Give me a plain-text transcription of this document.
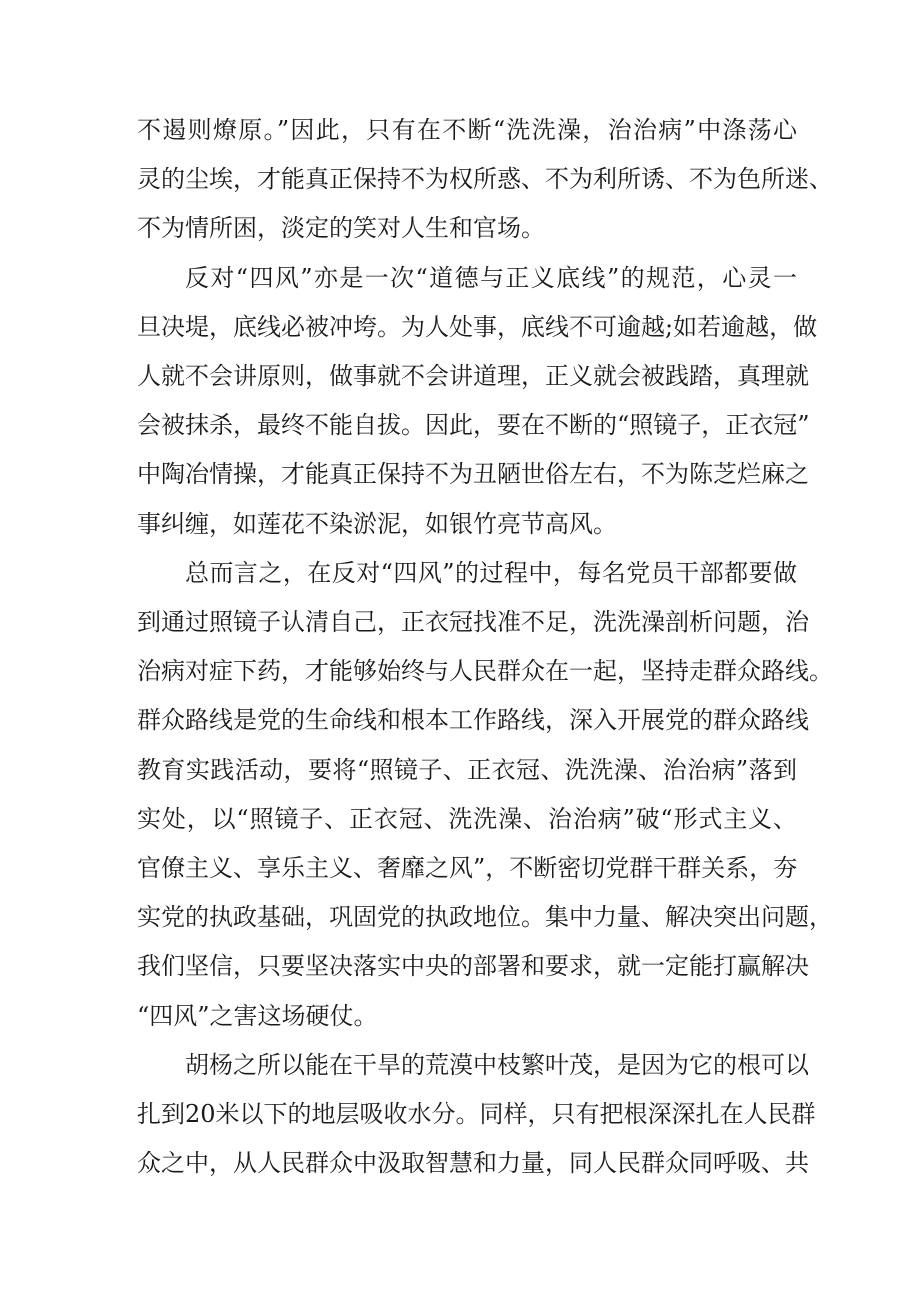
不遏则燎原。”因此，只有在不断“洗洗澡，治治病”中涤荡心
灵的尘埃，才能真正保持不为权所惑、不为利所诱、不为色所迷、
不为情所困，淡定的笑对人生和官场。
反对“四风”亦是一次“道德与正义底线”的规范，心灵一
旦决堤，底线必被冲垮。为人处事，底线不可逾越;如若逾越，做
人就不会讲原则，做事就不会讲道理，正义就会被践踏，真理就
会被抹杀，最终不能自拔。因此，要在不断的“照镜子，正衣冠”
中陶冶情操，才能真正保持不为丑陋世俗左右，不为陈芝烂麻之
事纠缠，如莲花不染淤泥，如银竹亮节高风。
总而言之，在反对“四风”的过程中，每名党员干部都要做
到通过照镜子认清自己，正衣冠找准不足，洗洗澡剖析问题，治
治病对症下药，才能够始终与人民群众在一起，坚持走群众路线。
群众路线是党的生命线和根本工作路线，深入开展党的群众路线
教育实践活动，要将“照镜子、正衣冠、洗洗澡、治治病”落到
实处，以“照镜子、正衣冠、洗洗澡、治治病”破“形式主义、
官僚主义、享乐主义、奢靡之风”，不断密切党群干群关系，夯
实党的执政基础，巩固党的执政地位。集中力量、解决突出问题，
我们坚信，只要坚决落实中央的部署和要求，就一定能打赢解决
“四风”之害这场硬仗。
胡杨之所以能在干旱的荒漠中枝繁叶茂，是因为它的根可以
扎到20米以下的地层吸收水分。同样，只有把根深深扎在人民群
众之中，从人民群众中汲取智慧和力量，同人民群众同呼吸、共
